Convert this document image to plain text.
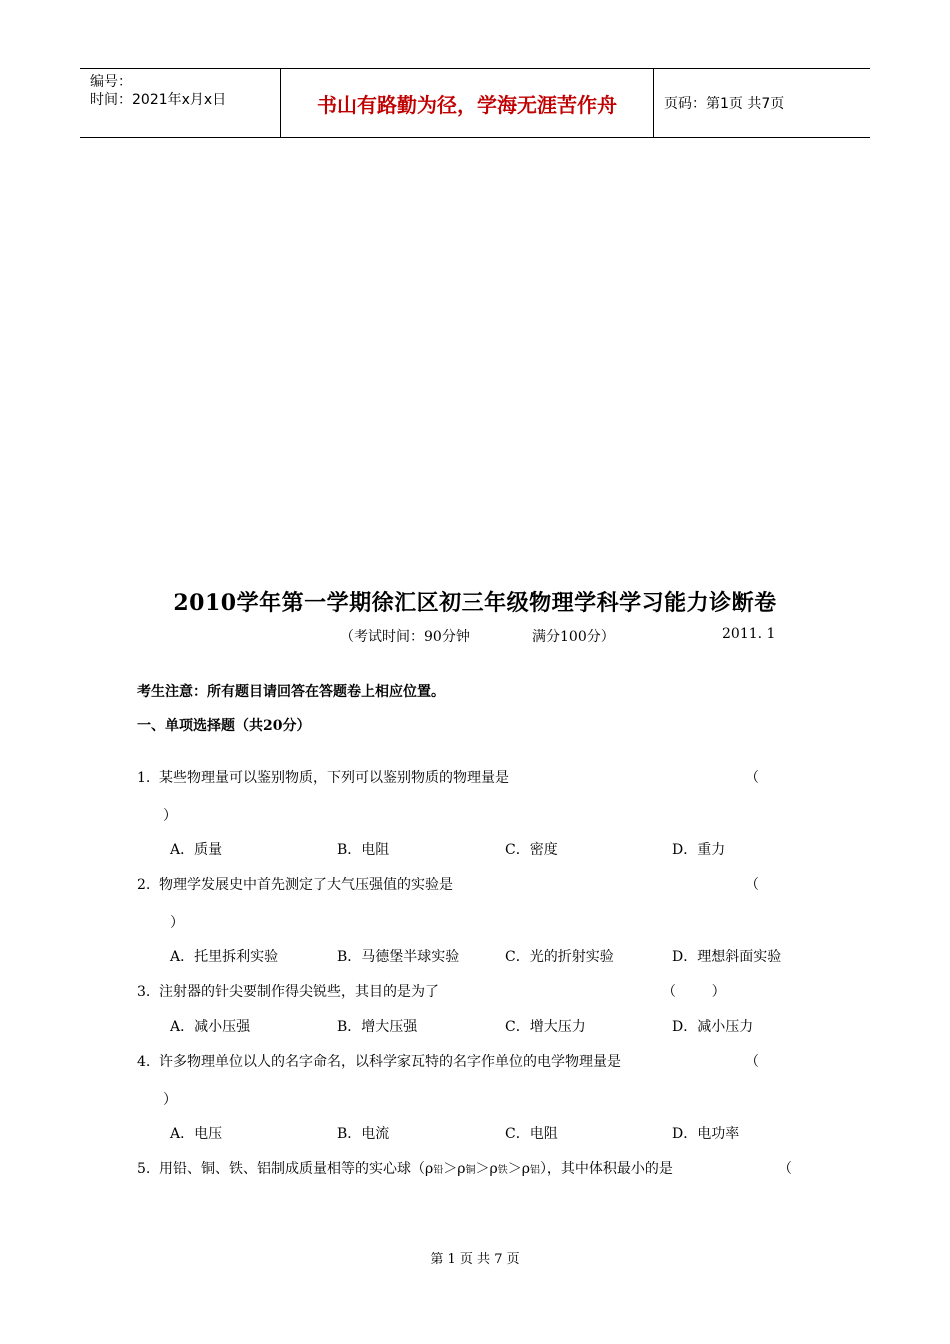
编号：
时间：2021年x月x日	书山有路勤为径，学海无涯苦作舟	页码：第1页 共7页
2010学年第一学期徐汇区初三年级物理学科学习能力诊断卷
（考试时间：90分钟	满分100分）	2011. 1
考生注意：所有题目请回答在答题卷上相应位置。
一、单项选择题（共20分）
1. 某些物理量可以鉴别物质，下列可以鉴别物质的物理量是	（
）
A．质量	B．电阻	C．密度	D．重力
2. 物理学发展史中首先测定了大气压强值的实验是	（
）
A．托里拆利实验	B．马德堡半球实验	C．光的折射实验	D．理想斜面实验
3. 注射器的针尖要制作得尖锐些，其目的是为了	（        ）
A．减小压强	B．增大压强	C．增大压力	D．减小压力
4. 许多物理单位以人的名字命名，以科学家瓦特的名字作单位的电学物理量是	（
）
A．电压	B．电流	C．电阻	D．电功率
5. 用铅、铜、铁、铝制成质量相等的实心球（ρ铅＞ρ铜＞ρ铁＞ρ铝），其中体积最小的是	（
第 1 页 共 7 页
